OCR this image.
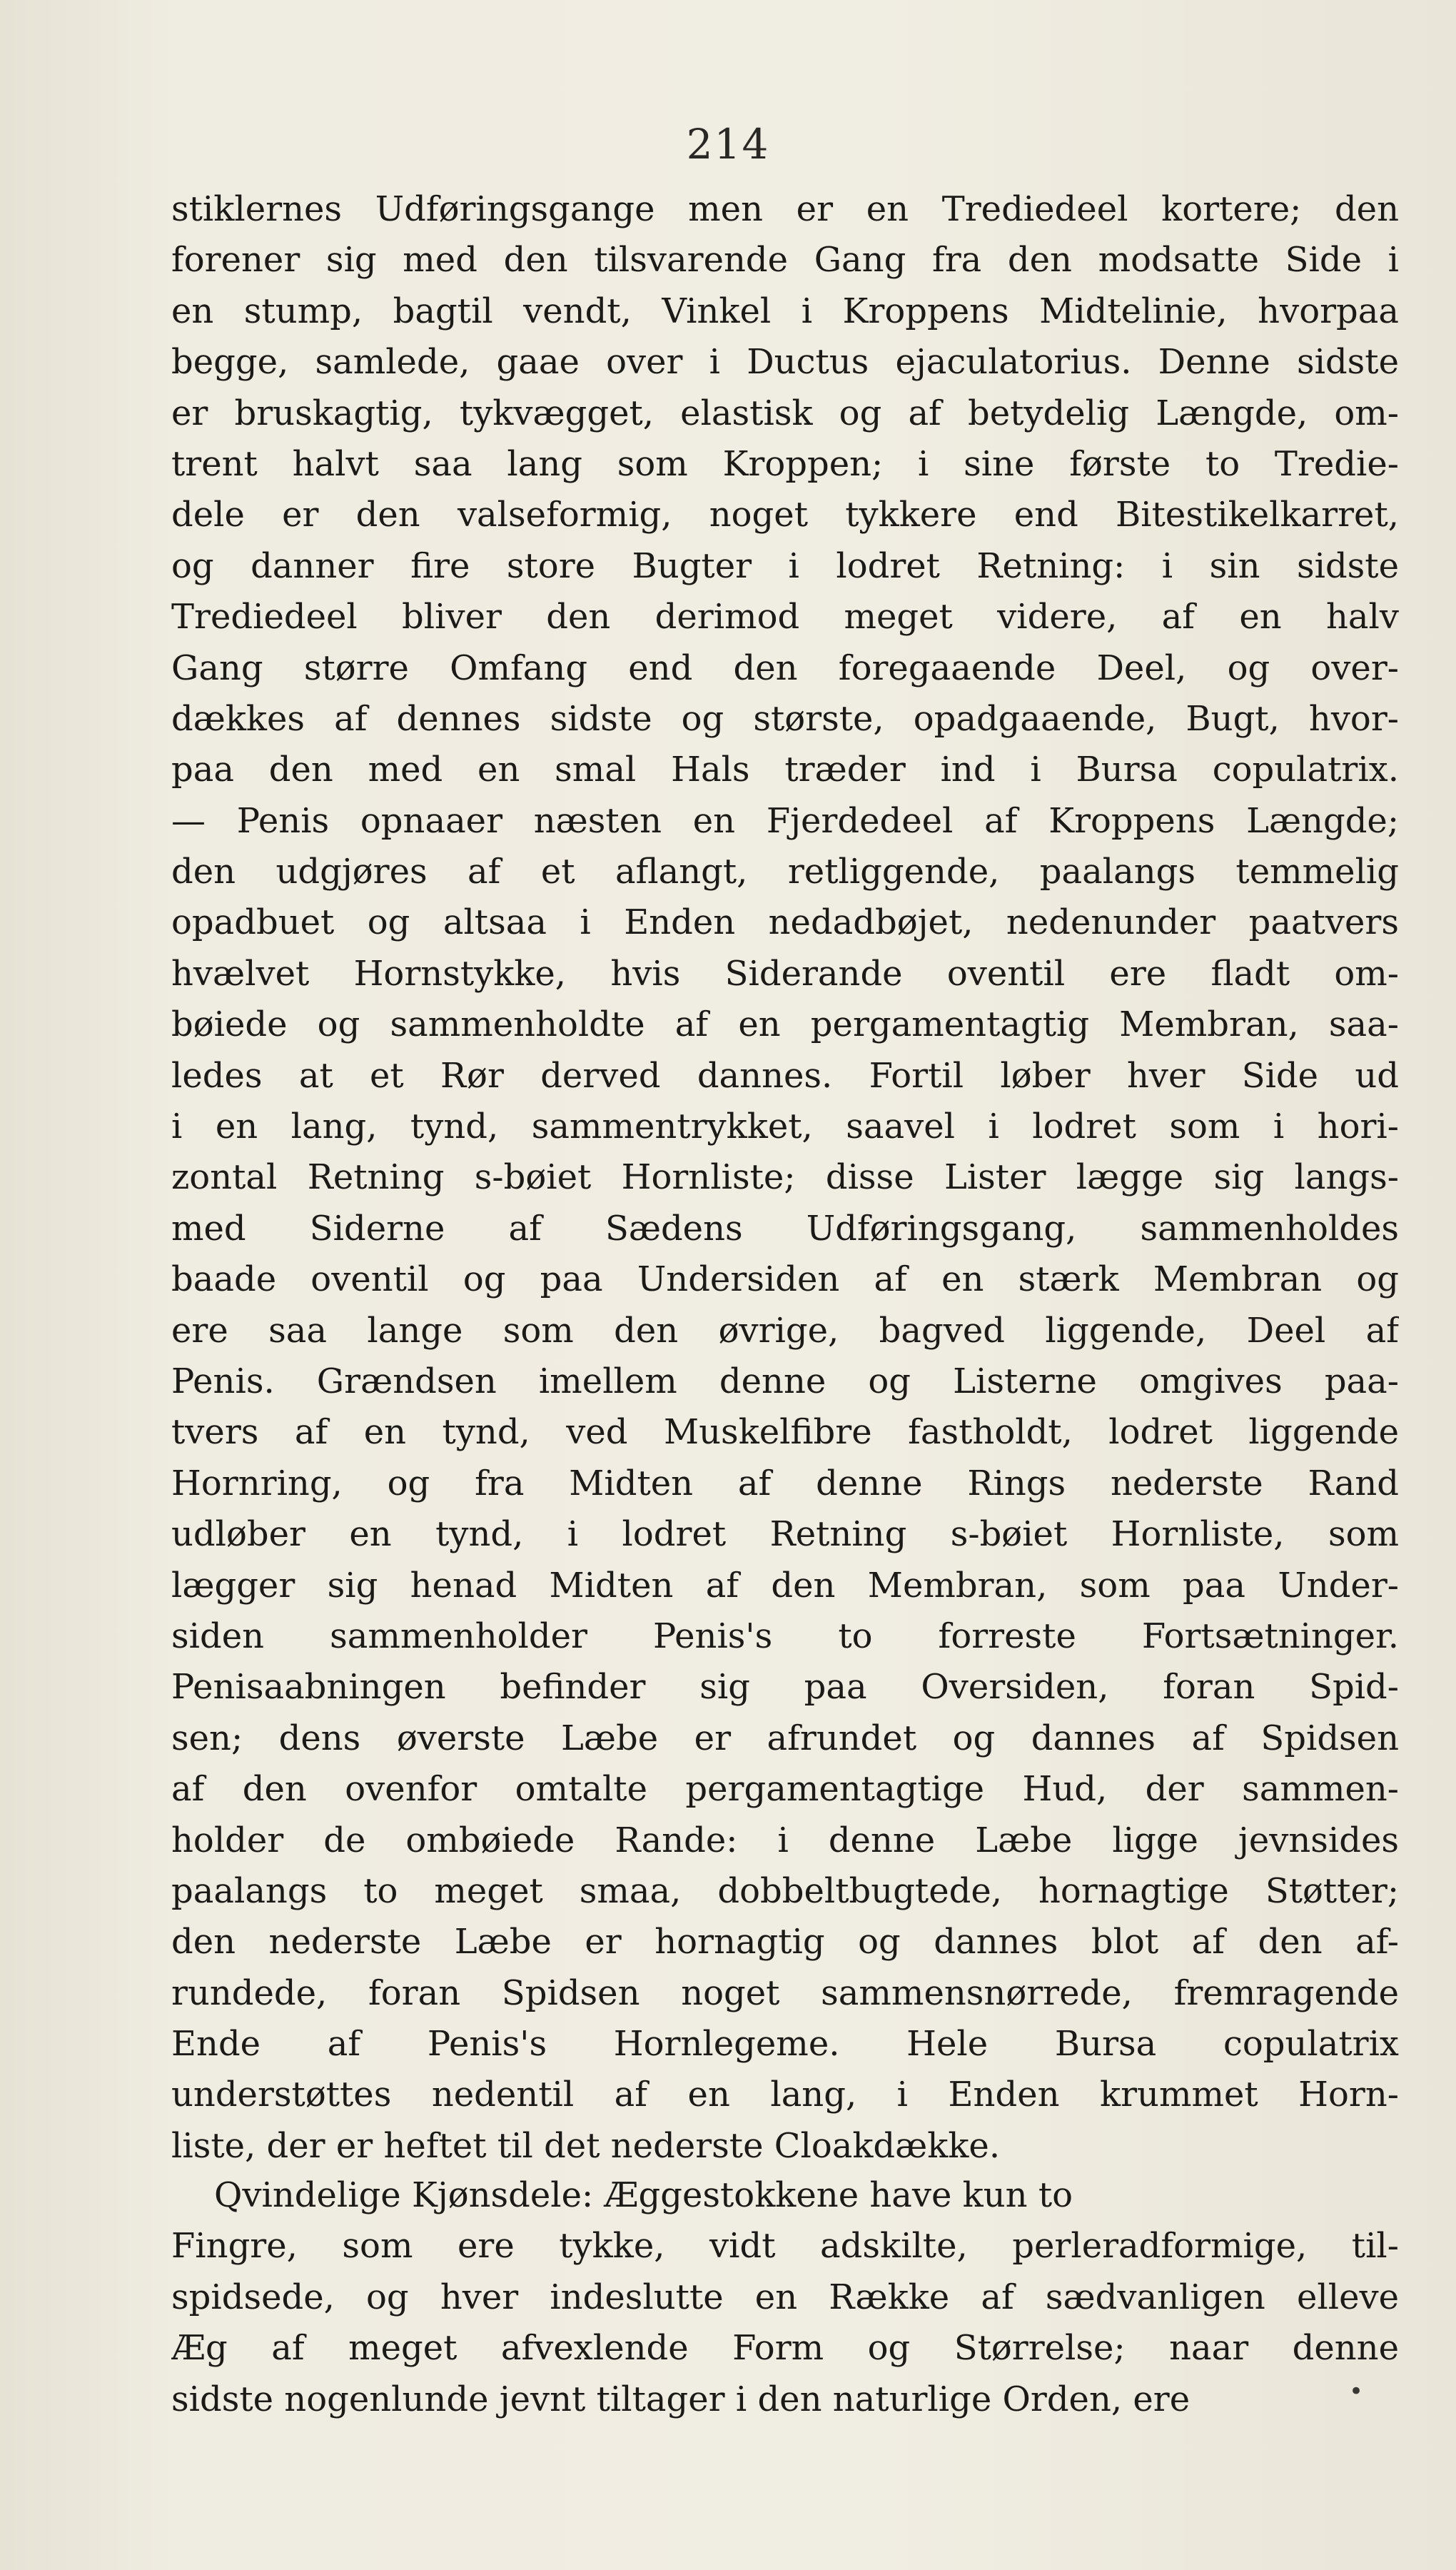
214
stiklernes Udføringsgange men er en Trediedeel kortere; den
forener sig med den tilsvarende Gang fra den modsatte Side i
en stump, bagtil vendt, Vinkel i Kroppens Midtelinie, hvorpaa
begge, samlede, gaae over i Ductus ejaculatorius. Denne sidste
er bruskagtig, tykvægget, elastisk og af betydelig Længde, om-
trent halvt saa lang som Kroppen; i sine første to Tredie-
dele er den valseformig, noget tykkere end Bitestikelkarret,
og danner fire store Bugter i lodret Retning: i sin sidste
Trediedeel bliver den derimod meget videre, af en halv
Gang større Omfang end den foregaaende Deel, og over-
dækkes af dennes sidste og største, opadgaaende, Bugt, hvor-
paa den med en smal Hals træder ind i Bursa copulatrix.
— Penis opnaaer næsten en Fjerdedeel af Kroppens Længde;
den udgjøres af et aflangt, retliggende, paalangs temmelig
opadbuet og altsaa i Enden nedadbøjet, nedenunder paatvers
hvælvet Hornstykke, hvis Siderande oventil ere fladt om-
bøiede og sammenholdte af en pergamentagtig Membran, saa-
ledes at et Rør derved dannes. Fortil løber hver Side ud
i en lang, tynd, sammentrykket, saavel i lodret som i hori-
zontal Retning s-bøiet Hornliste; disse Lister lægge sig langs-
med Siderne af Sædens Udføringsgang, sammenholdes
baade oventil og paa Undersiden af en stærk Membran og
ere saa lange som den øvrige, bagved liggende, Deel af
Penis. Grændsen imellem denne og Listerne omgives paa-
tvers af en tynd, ved Muskelfibre fastholdt, lodret liggende
Hornring, og fra Midten af denne Rings nederste Rand
udløber en tynd, i lodret Retning s-bøiet Hornliste, som
lægger sig henad Midten af den Membran, som paa Under-
siden sammenholder Penis's to forreste Fortsætninger.
Penisaabningen befinder sig paa Oversiden, foran Spid-
sen; dens øverste Læbe er afrundet og dannes af Spidsen
af den ovenfor omtalte pergamentagtige Hud, der sammen-
holder de ombøiede Rande: i denne Læbe ligge jevnsides
paalangs to meget smaa, dobbeltbugtede, hornagtige Støtter;
den nederste Læbe er hornagtig og dannes blot af den af-
rundede, foran Spidsen noget sammensnørrede, fremragende
Ende af Penis's Hornlegeme. Hele Bursa copulatrix
understøttes nedentil af en lang, i Enden krummet Horn-
liste, der er heftet til det nederste Cloakdække.
Qvindelige Kjønsdele: Æggestokkene have kun to
Fingre, som ere tykke, vidt adskilte, perleradformige, til-
spidsede, og hver indeslutte en Række af sædvanligen elleve
Æg af meget afvexlende Form og Størrelse; naar denne
sidste nogenlunde jevnt tiltager i den naturlige Orden, ere	•
